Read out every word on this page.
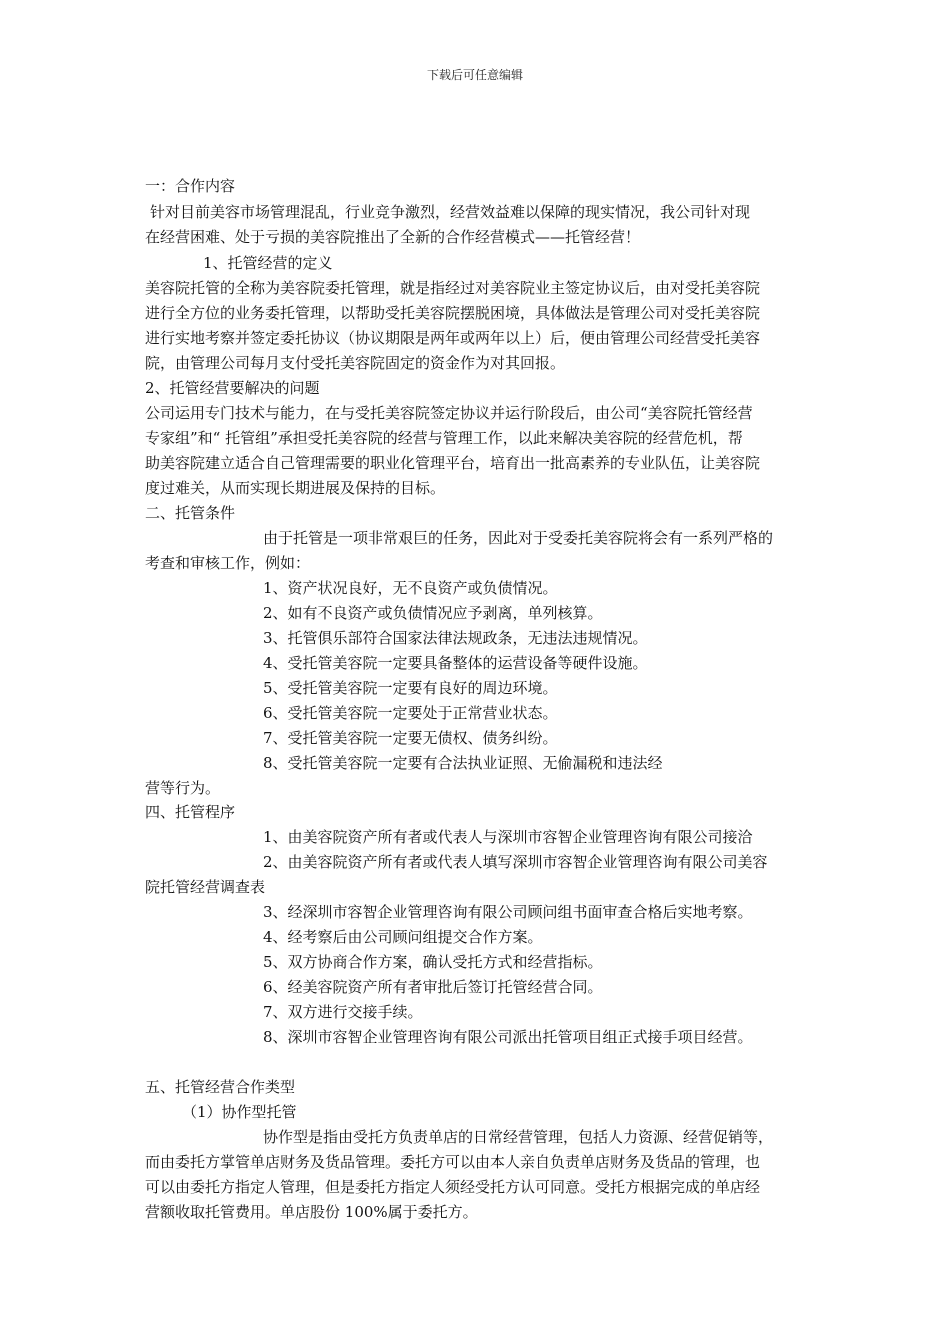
下载后可任意编辑
一：合作内容
针对目前美容市场管理混乱，行业竞争激烈，经营效益难以保障的现实情况，我公司针对现
在经营困难、处于亏损的美容院推出了全新的合作经营模式——托管经营！
1、托管经营的定义
美容院托管的全称为美容院委托管理，就是指经过对美容院业主签定协议后，由对受托美容院
进行全方位的业务委托管理，以帮助受托美容院摆脱困境，具体做法是管理公司对受托美容院
进行实地考察并签定委托协议（协议期限是两年或两年以上）后，便由管理公司经营受托美容
院，由管理公司每月支付受托美容院固定的资金作为对其回报。
2、托管经营要解决的问题
公司运用专门技术与能力，在与受托美容院签定协议并运行阶段后，由公司“美容院托管经营
专家组”和“ 托管组”承担受托美容院的经营与管理工作，以此来解决美容院的经营危机，帮
助美容院建立适合自己管理需要的职业化管理平台，培育出一批高素养的专业队伍，让美容院
度过难关，从而实现长期进展及保持的目标。
二、托管条件
由于托管是一项非常艰巨的任务，因此对于受委托美容院将会有一系列严格的
考查和审核工作，例如：
1、资产状况良好，无不良资产或负债情况。
2、如有不良资产或负债情况应予剥离，单列核算。
3、托管俱乐部符合国家法律法规政条，无违法违规情况。
4、受托管美容院一定要具备整体的运营设备等硬件设施。
5、受托管美容院一定要有良好的周边环境。
6、受托管美容院一定要处于正常营业状态。
7、受托管美容院一定要无债权、债务纠纷。
8、受托管美容院一定要有合法执业证照、无偷漏税和违法经
营等行为。
四、托管程序
1、由美容院资产所有者或代表人与深圳市容智企业管理咨询有限公司接洽
2、由美容院资产所有者或代表人填写深圳市容智企业管理咨询有限公司美容
院托管经营调查表
3、经深圳市容智企业管理咨询有限公司顾问组书面审查合格后实地考察。
4、经考察后由公司顾问组提交合作方案。
5、双方协商合作方案，确认受托方式和经营指标。
6、经美容院资产所有者审批后签订托管经营合同。
7、双方进行交接手续。
8、深圳市容智企业管理咨询有限公司派出托管项目组正式接手项目经营。
五、托管经营合作类型
（1）协作型托管
协作型是指由受托方负责单店的日常经营管理，包括人力资源、经营促销等，
而由委托方掌管单店财务及货品管理。委托方可以由本人亲自负责单店财务及货品的管理，也
可以由委托方指定人管理，但是委托方指定人须经受托方认可同意。受托方根据完成的单店经
营额收取托管费用。单店股份 100%属于委托方。
